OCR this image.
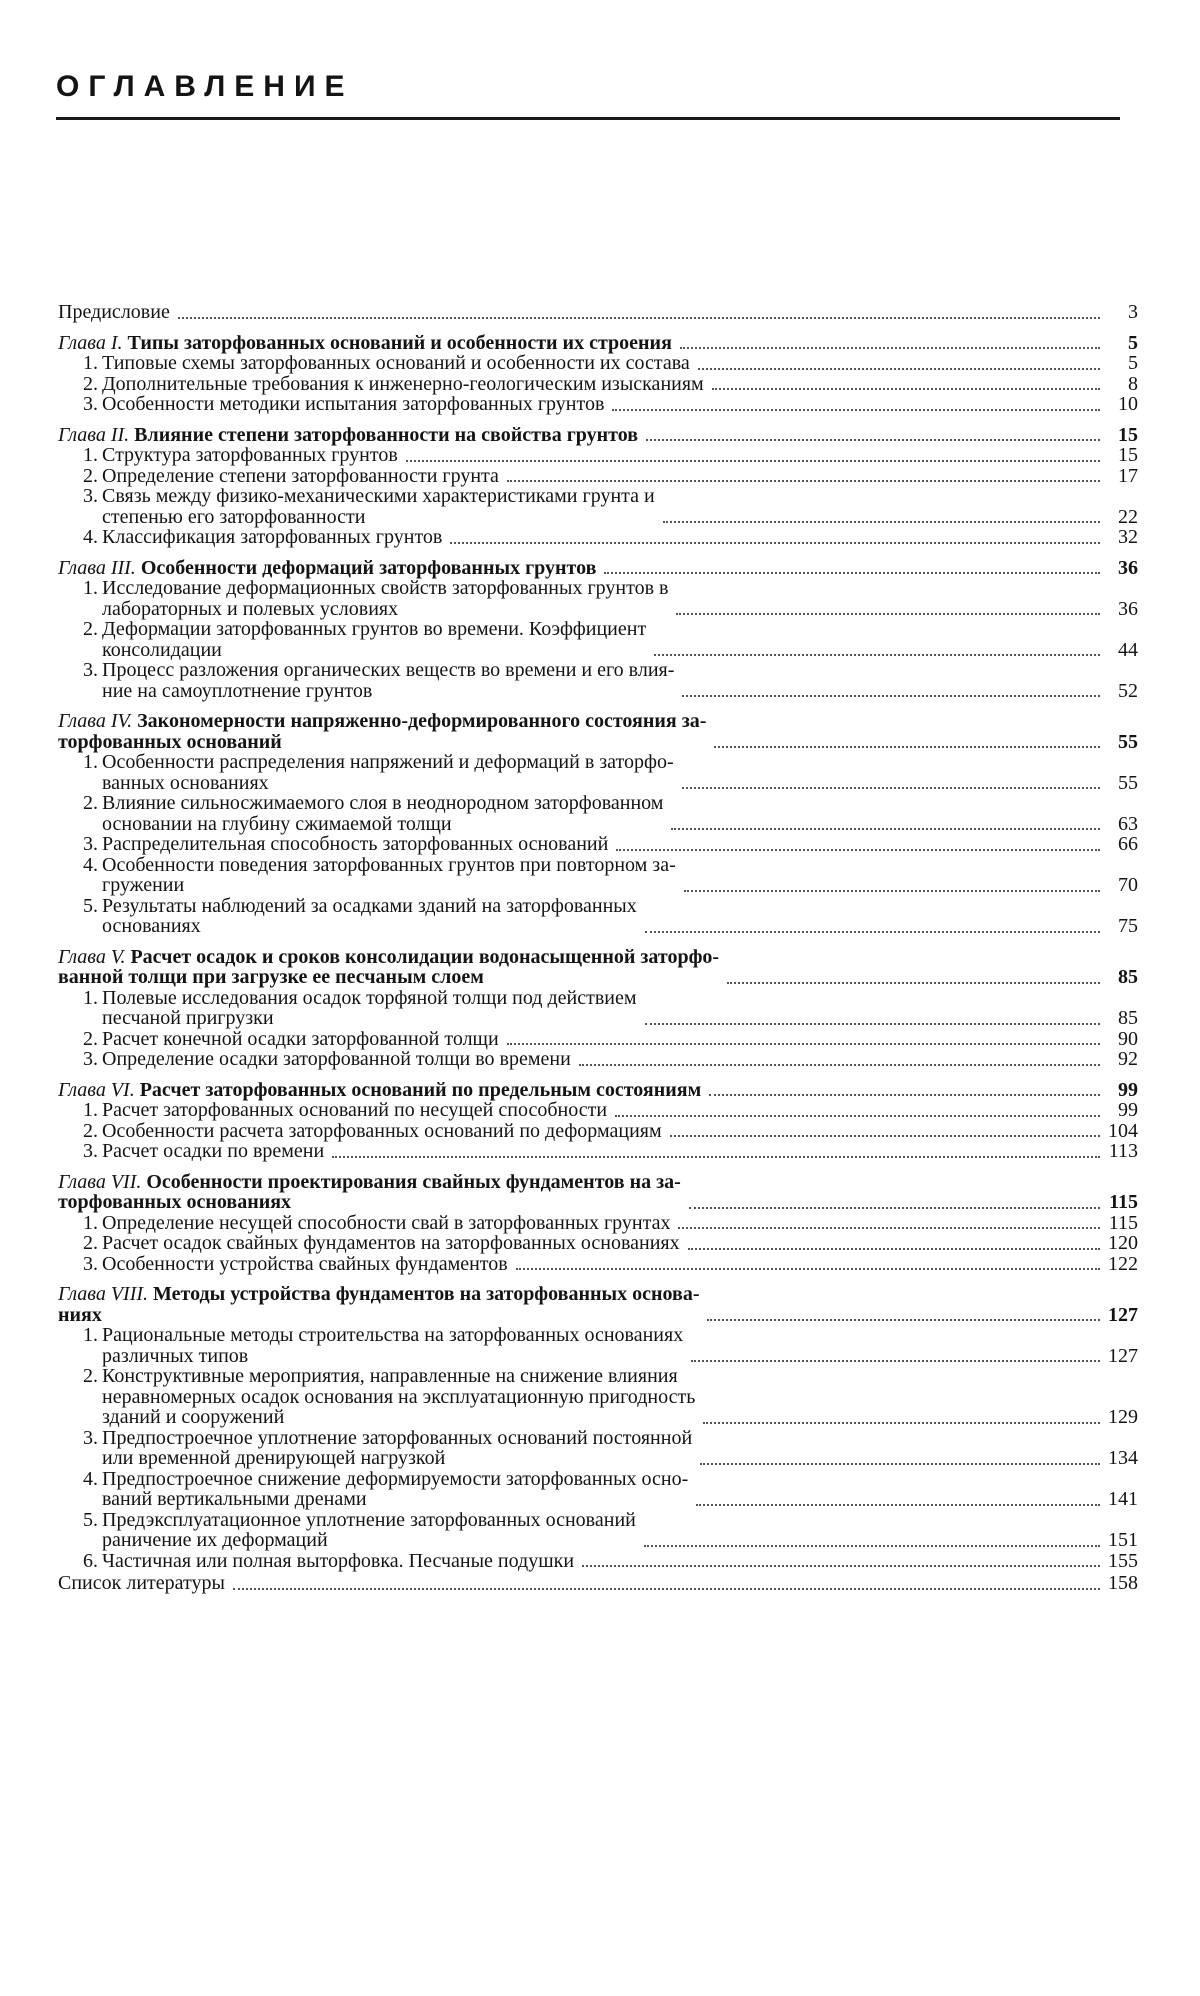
ОГЛАВЛЕНИЕ
Предисловие	3
Глава I. Типы заторфованных оснований и особенности их строения	5
1. Типовые схемы заторфованных оснований и особенности их состава	5
2. Дополнительные требования к инженерно-геологическим изысканиям	8
3. Особенности методики испытания заторфованных грунтов	10
Глава II. Влияние степени заторфованности на свойства грунтов	15
1. Структура заторфованных грунтов	15
2. Определение степени заторфованности грунта	17
3. Связь между физико-механическими характеристиками грунта и
степенью его заторфованности	22
4. Классификация заторфованных грунтов	32
Глава III. Особенности деформаций заторфованных грунтов	36
1. Исследование деформационных свойств заторфованных грунтов в
лабораторных и полевых условиях	36
2. Деформации заторфованных грунтов во времени. Коэффициент
консолидации	44
3. Процесс разложения органических веществ во времени и его влия-
ние на самоуплотнение грунтов	52
Глава IV. Закономерности напряженно-деформированного состояния за-
торфованных оснований	55
1. Особенности распределения напряжений и деформаций в заторфо-
ванных основаниях	55
2. Влияние сильносжимаемого слоя в неоднородном заторфованном
основании на глубину сжимаемой толщи	63
3. Распределительная способность заторфованных оснований	66
4. Особенности поведения заторфованных грунтов при повторном за-
гружении	70
5. Результаты наблюдений за осадками зданий на заторфованных
основаниях	75
Глава V. Расчет осадок и сроков консолидации водонасыщенной заторфо-
ванной толщи при загрузке ее песчаным слоем	85
1. Полевые исследования осадок торфяной толщи под действием
песчаной пригрузки	85
2. Расчет конечной осадки заторфованной толщи	90
3. Определение осадки заторфованной толщи во времени	92
Глава VI. Расчет заторфованных оснований по предельным состояниям	99
1. Расчет заторфованных оснований по несущей способности	99
2. Особенности расчета заторфованных оснований по деформациям	104
3. Расчет осадки по времени	113
Глава VII. Особенности проектирования свайных фундаментов на за-
торфованных основаниях	115
1. Определение несущей способности свай в заторфованных грунтах	115
2. Расчет осадок свайных фундаментов на заторфованных основаниях	120
3. Особенности устройства свайных фундаментов	122
Глава VIII. Методы устройства фундаментов на заторфованных основа-
ниях	127
1. Рациональные методы строительства на заторфованных основаниях
различных типов	127
2. Конструктивные мероприятия, направленные на снижение влияния
неравномерных осадок основания на эксплуатационную пригодность
зданий и сооружений	129
3. Предпостроечное уплотнение заторфованных оснований постоянной
или временной дренирующей нагрузкой	134
4. Предпостроечное снижение деформируемости заторфованных осно-
ваний вертикальными дренами	141
5. Предэксплуатационное уплотнение заторфованных оснований
раничение их деформаций	151
6. Частичная или полная выторфовка. Песчаные подушки	155
Список литературы	158
